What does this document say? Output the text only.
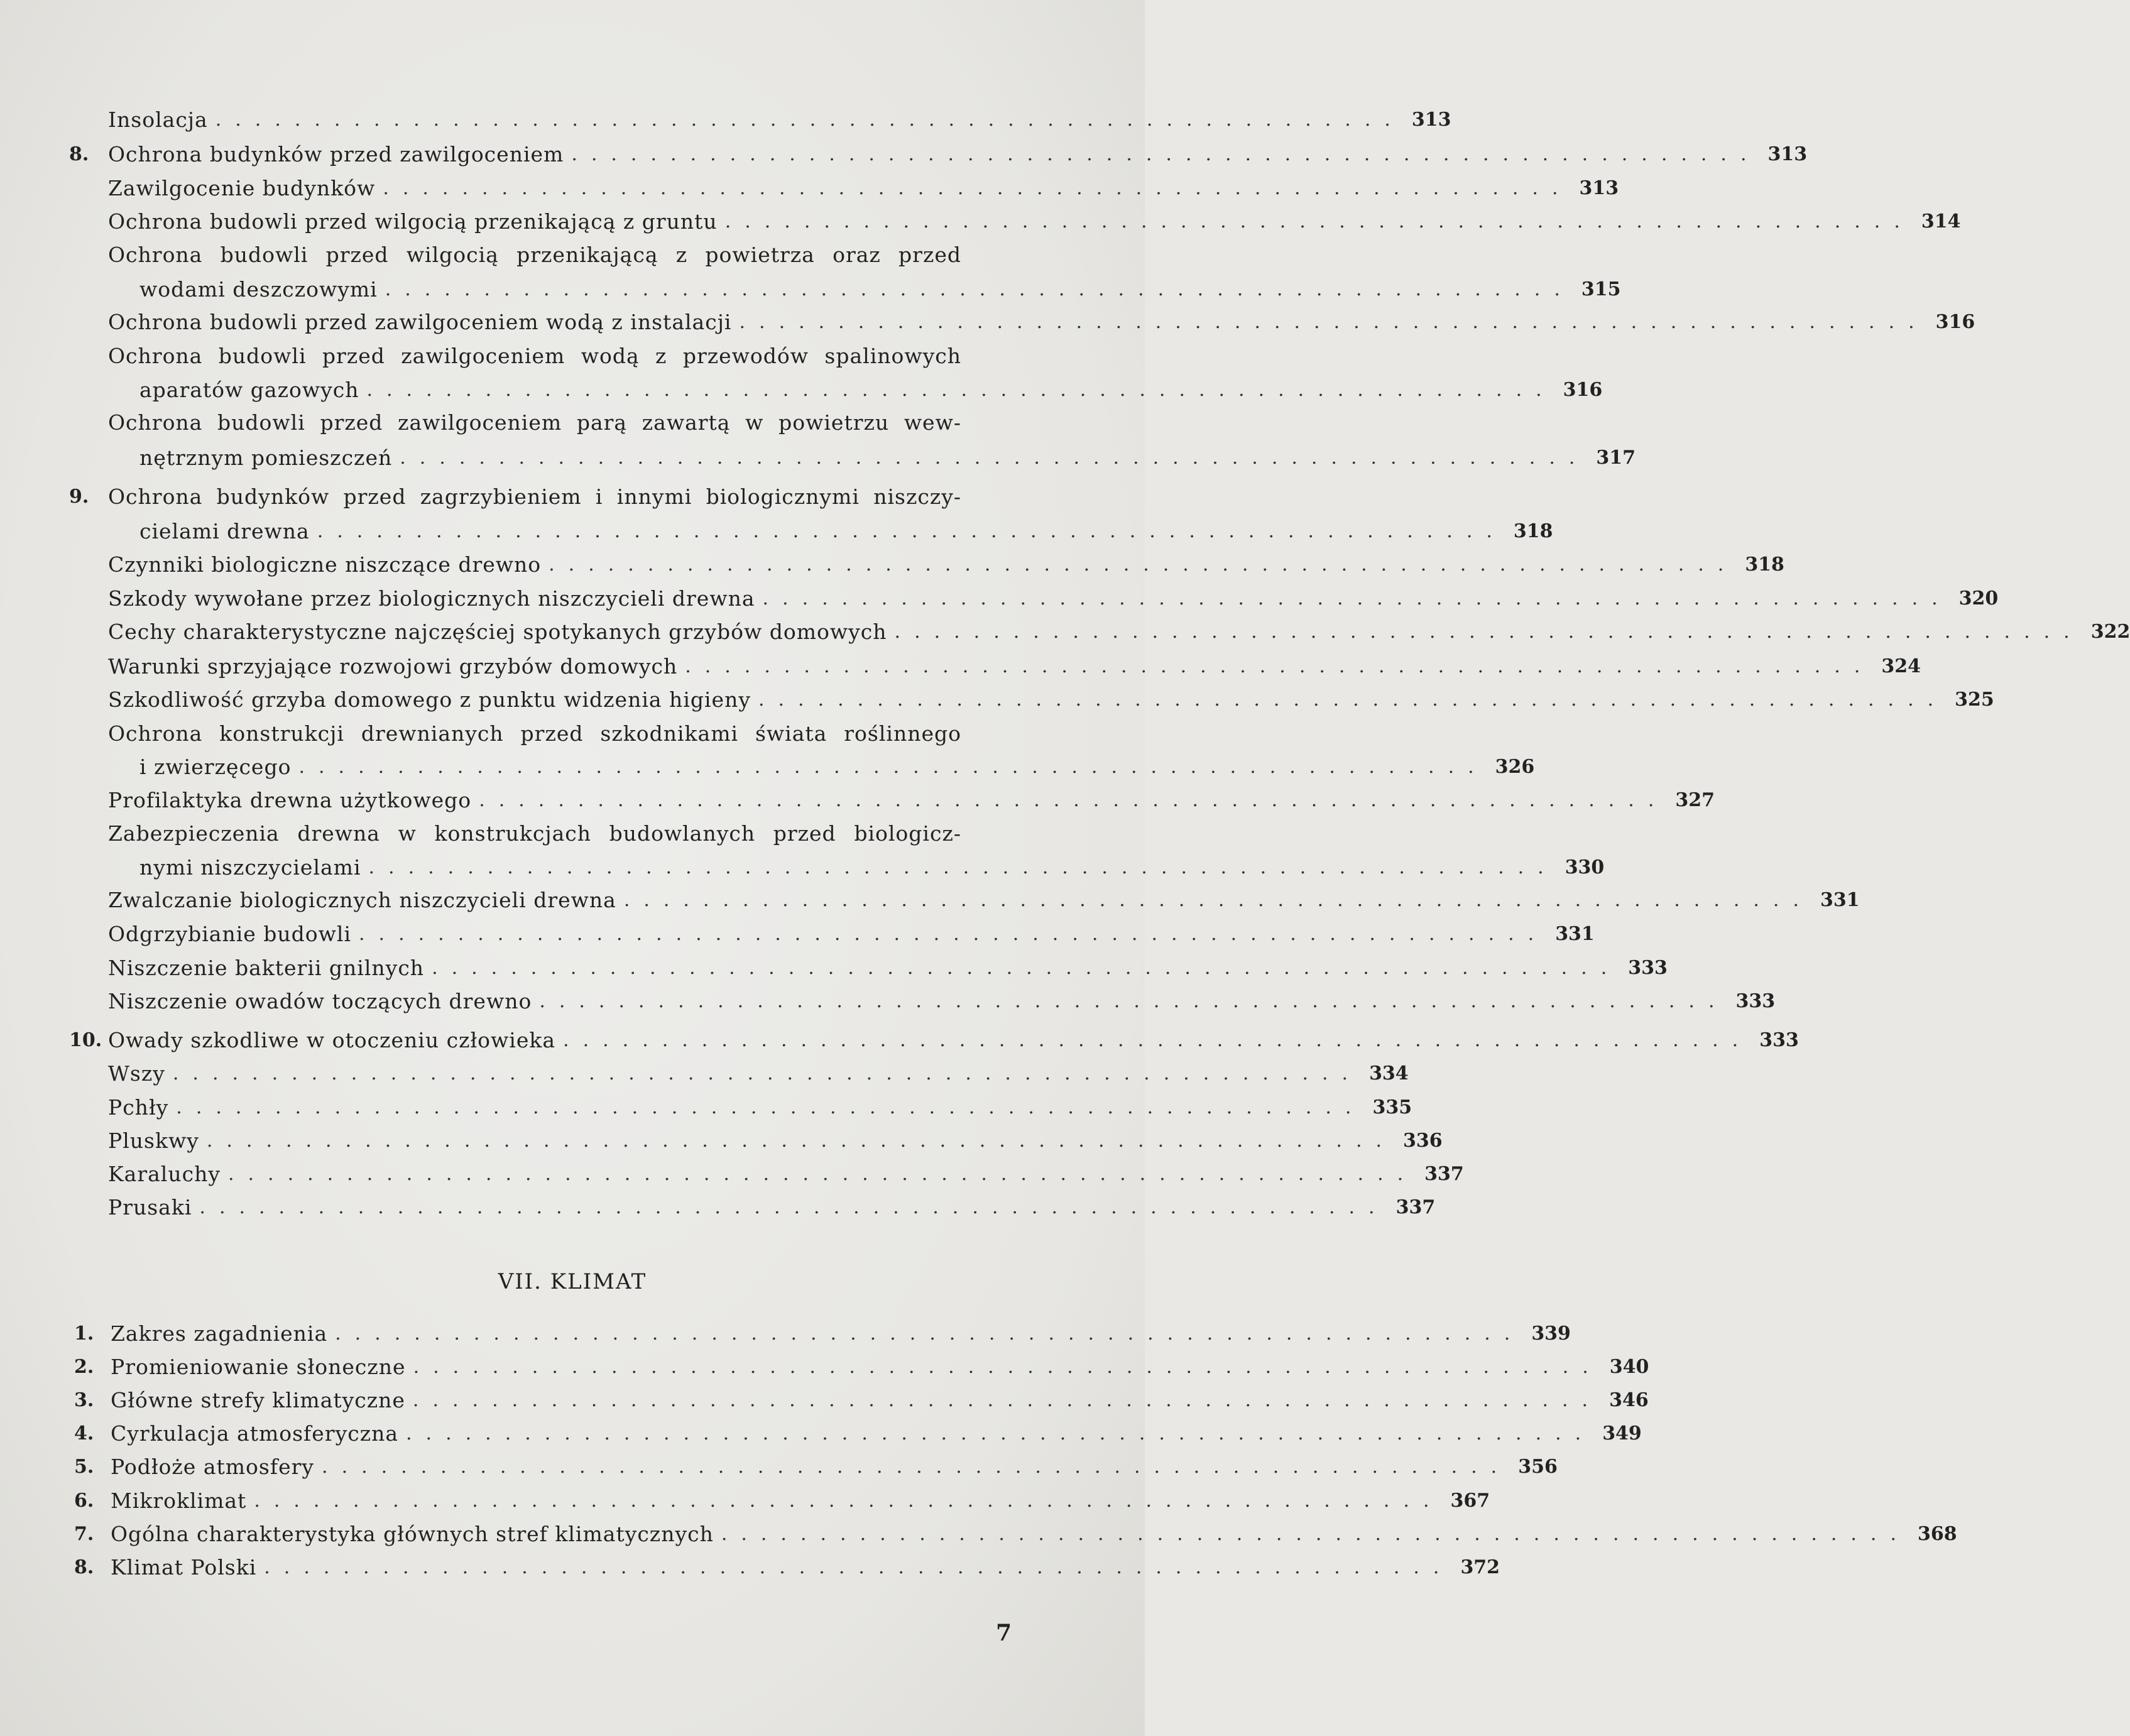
Insolacja ............................................................ 313
8. Ochrona budynków przed zawilgoceniem ............................................................ 313
Zawilgocenie budynków ............................................................ 313
Ochrona budowli przed wilgocią przenikającą z gruntu ............................................................ 314
Ochrona budowli przed wilgocią przenikającą z powietrza oraz przed
wodami deszczowymi ............................................................ 315
Ochrona budowli przed zawilgoceniem wodą z instalacji ............................................................ 316
Ochrona budowli przed zawilgoceniem wodą z przewodów spalinowych
aparatów gazowych ............................................................ 316
Ochrona budowli przed zawilgoceniem parą zawartą w powietrzu wew-
nętrznym pomieszczeń ............................................................ 317
9. Ochrona budynków przed zagrzybieniem i innymi biologicznymi niszczy-
cielami drewna ............................................................ 318
Czynniki biologiczne niszczące drewno ............................................................ 318
Szkody wywołane przez biologicznych niszczycieli drewna ............................................................ 320
Cechy charakterystyczne najczęściej spotykanych grzybów domowych ............................................................ 322
Warunki sprzyjające rozwojowi grzybów domowych ............................................................ 324
Szkodliwość grzyba domowego z punktu widzenia higieny ............................................................ 325
Ochrona konstrukcji drewnianych przed szkodnikami świata roślinnego
i zwierzęcego ............................................................ 326
Profilaktyka drewna użytkowego ............................................................ 327
Zabezpieczenia drewna w konstrukcjach budowlanych przed biologicz-
nymi niszczycielami ............................................................ 330
Zwalczanie biologicznych niszczycieli drewna ............................................................ 331
Odgrzybianie budowli ............................................................ 331
Niszczenie bakterii gnilnych ............................................................ 333
Niszczenie owadów toczących drewno ............................................................ 333
10. Owady szkodliwe w otoczeniu człowieka ............................................................ 333
Wszy ............................................................ 334
Pchły ............................................................ 335
Pluskwy ............................................................ 336
Karaluchy ............................................................ 337
Prusaki ............................................................ 337
VII. KLIMAT
1. Zakres zagadnienia ............................................................ 339
2. Promieniowanie słoneczne ............................................................ 340
3. Główne strefy klimatyczne ............................................................ 346
4. Cyrkulacja atmosferyczna ............................................................ 349
5. Podłoże atmosfery ............................................................ 356
6. Mikroklimat ............................................................ 367
7. Ogólna charakterystyka głównych stref klimatycznych ............................................................ 368
8. Klimat Polski ............................................................ 372
7
